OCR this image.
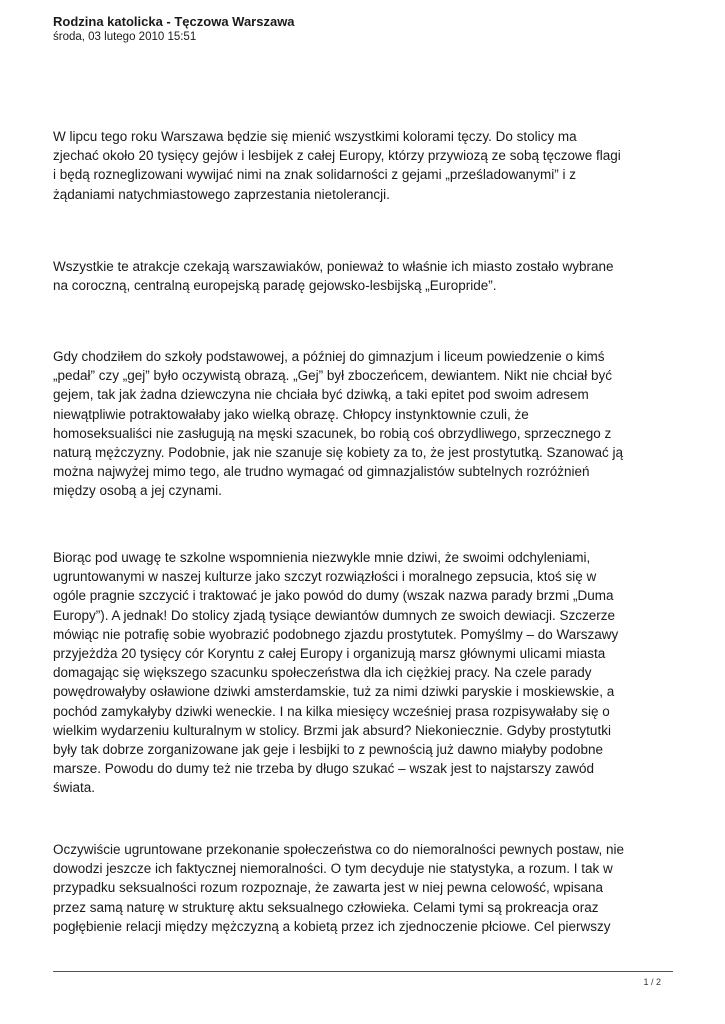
Rodzina katolicka - Tęczowa Warszawa

środa, 03 lutego 2010 15:51

W lipcu tego roku Warszawa będzie się mienić wszystkimi kolorami tęczy. Do stolicy ma
zjechać około 20 tysięcy gejów i lesbijek z całej Europy, którzy przywiozą ze sobą tęczowe flagi
i będą rozneglizowani wywijać nimi na znak solidarności z gejami „prześladowanymi” i z
żądaniami natychmiastowego zaprzestania nietolerancji.
Wszystkie te atrakcje czekają warszawiaków, ponieważ to właśnie ich miasto zostało wybrane
na coroczną, centralną europejską paradę gejowsko-lesbijską „Europride”.
Gdy chodziłem do szkoły podstawowej, a później do gimnazjum i liceum powiedzenie o kimś
„pedał” czy „gej” było oczywistą obrazą. „Gej” był zboczeńcem, dewiantem. Nikt nie chciał być
gejem, tak jak żadna dziewczyna nie chciała być dziwką, a taki epitet pod swoim adresem
niewątpliwie potraktowałaby jako wielką obrazę. Chłopcy instynktownie czuli, że
homoseksualiści nie zasługują na męski szacunek, bo robią coś obrzydliwego, sprzecznego z
naturą mężczyzny. Podobnie, jak nie szanuje się kobiety za to, że jest prostytutką. Szanować ją
można najwyżej mimo tego, ale trudno wymagać od gimnazjalistów subtelnych rozróżnień
między osobą a jej czynami.
Biorąc pod uwagę te szkolne wspomnienia niezwykle mnie dziwi, że swoimi odchyleniami,
ugruntowanymi w naszej kulturze jako szczyt rozwiązłości i moralnego zepsucia, ktoś się w
ogóle pragnie szczycić i traktować je jako powód do dumy (wszak nazwa parady brzmi „Duma
Europy”). A jednak! Do stolicy zjadą tysiące dewiantów dumnych ze swoich dewiacji. Szczerze
mówiąc nie potrafię sobie wyobrazić podobnego zjazdu prostytutek. Pomyślmy – do Warszawy
przyjeżdża 20 tysięcy cór Koryntu z całej Europy i organizują marsz głównymi ulicami miasta
domagając się większego szacunku społeczeństwa dla ich ciężkiej pracy. Na czele parady
powędrowałyby osławione dziwki amsterdamskie, tuż za nimi dziwki paryskie i moskiewskie, a
pochód zamykałyby dziwki weneckie. I na kilka miesięcy wcześniej prasa rozpisywałaby się o
wielkim wydarzeniu kulturalnym w stolicy. Brzmi jak absurd? Niekoniecznie. Gdyby prostytutki
były tak dobrze zorganizowane jak geje i lesbijki to z pewnością już dawno miałyby podobne
marsze. Powodu do dumy też nie trzeba by długo szukać – wszak jest to najstarszy zawód
świata.
Oczywiście ugruntowane przekonanie społeczeństwa co do niemoralności pewnych postaw, nie
dowodzi jeszcze ich faktycznej niemoralności. O tym decyduje nie statystyka, a rozum. I tak w
przypadku seksualności rozum rozpoznaje, że zawarta jest w niej pewna celowość, wpisana
przez samą naturę w strukturę aktu seksualnego człowieka. Celami tymi są prokreacja oraz
pogłębienie relacji między mężczyzną a kobietą przez ich zjednoczenie płciowe. Cel pierwszy
1 / 2
